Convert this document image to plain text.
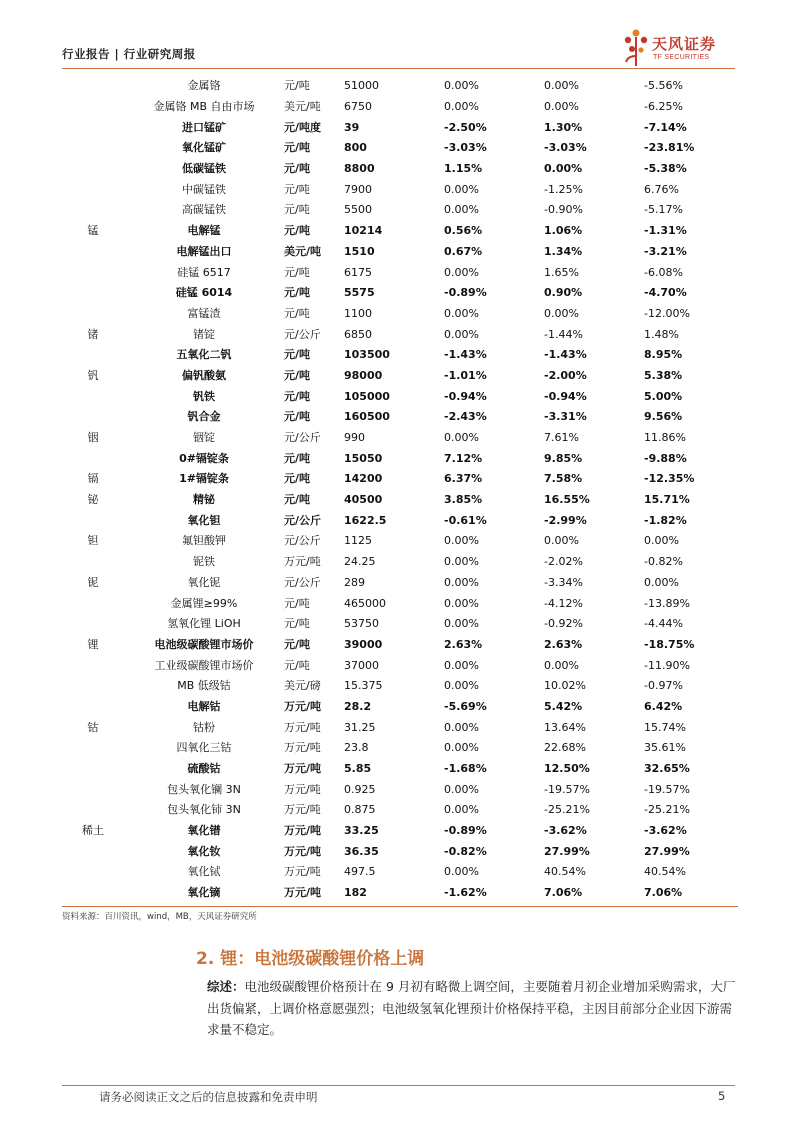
行业报告 | 行业研究周报
天风证券
TF SECURITIES
	金属铬	元/吨	51000	0.00%	0.00%	-5.56%
	金属铬 MB 自由市场	美元/吨	6750	0.00%	0.00%	-6.25%
	进口锰矿	元/吨度	39	-2.50%	1.30%	-7.14%
	氧化锰矿	元/吨	800	-3.03%	-3.03%	-23.81%
	低碳锰铁	元/吨	8800	1.15%	0.00%	-5.38%
	中碳锰铁	元/吨	7900	0.00%	-1.25%	6.76%
	高碳锰铁	元/吨	5500	0.00%	-0.90%	-5.17%
锰	电解锰	元/吨	10214	0.56%	1.06%	-1.31%
	电解锰出口	美元/吨	1510	0.67%	1.34%	-3.21%
	硅锰 6517	元/吨	6175	0.00%	1.65%	-6.08%
	硅锰 6014	元/吨	5575	-0.89%	0.90%	-4.70%
	富锰渣	元/吨	1100	0.00%	0.00%	-12.00%
锗	锗锭	元/公斤	6850	0.00%	-1.44%	1.48%
	五氧化二钒	元/吨	103500	-1.43%	-1.43%	8.95%
钒	偏钒酸氨	元/吨	98000	-1.01%	-2.00%	5.38%
	钒铁	元/吨	105000	-0.94%	-0.94%	5.00%
	钒合金	元/吨	160500	-2.43%	-3.31%	9.56%
铟	铟锭	元/公斤	990	0.00%	7.61%	11.86%
	0#镉锭条	元/吨	15050	7.12%	9.85%	-9.88%
镉	1#镉锭条	元/吨	14200	6.37%	7.58%	-12.35%
铋	精铋	元/吨	40500	3.85%	16.55%	15.71%
	氧化钽	元/公斤	1622.5	-0.61%	-2.99%	-1.82%
钽	氟钽酸钾	元/公斤	1125	0.00%	0.00%	0.00%
	铌铁	万元/吨	24.25	0.00%	-2.02%	-0.82%
铌	氧化铌	元/公斤	289	0.00%	-3.34%	0.00%
	金属锂≥99%	元/吨	465000	0.00%	-4.12%	-13.89%
	氢氧化锂 LiOH	元/吨	53750	0.00%	-0.92%	-4.44%
锂	电池级碳酸锂市场价	元/吨	39000	2.63%	2.63%	-18.75%
	工业级碳酸锂市场价	元/吨	37000	0.00%	0.00%	-11.90%
	MB 低级钴	美元/磅	15.375	0.00%	10.02%	-0.97%
	电解钴	万元/吨	28.2	-5.69%	5.42%	6.42%
钴	钴粉	万元/吨	31.25	0.00%	13.64%	15.74%
	四氧化三钴	万元/吨	23.8	0.00%	22.68%	35.61%
	硫酸钴	万元/吨	5.85	-1.68%	12.50%	32.65%
	包头氧化镧 3N	万元/吨	0.925	0.00%	-19.57%	-19.57%
	包头氧化铈 3N	万元/吨	0.875	0.00%	-25.21%	-25.21%
稀土	氧化镨	万元/吨	33.25	-0.89%	-3.62%	-3.62%
	氧化钕	万元/吨	36.35	-0.82%	27.99%	27.99%
	氧化铽	万元/吨	497.5	0.00%	40.54%	40.54%
	氧化镝	万元/吨	182	-1.62%	7.06%	7.06%
资料来源：百川资讯，wind，MB，天风证券研究所
2. 锂：电池级碳酸锂价格上调
综述：电池级碳酸锂价格预计在 9 月初有略微上调空间，主要随着月初企业增加采购需求，大厂出货偏紧，上调价格意愿强烈；电池级氢氧化锂预计价格保持平稳，主因目前部分企业因下游需求量不稳定。
请务必阅读正文之后的信息披露和免责申明	5
